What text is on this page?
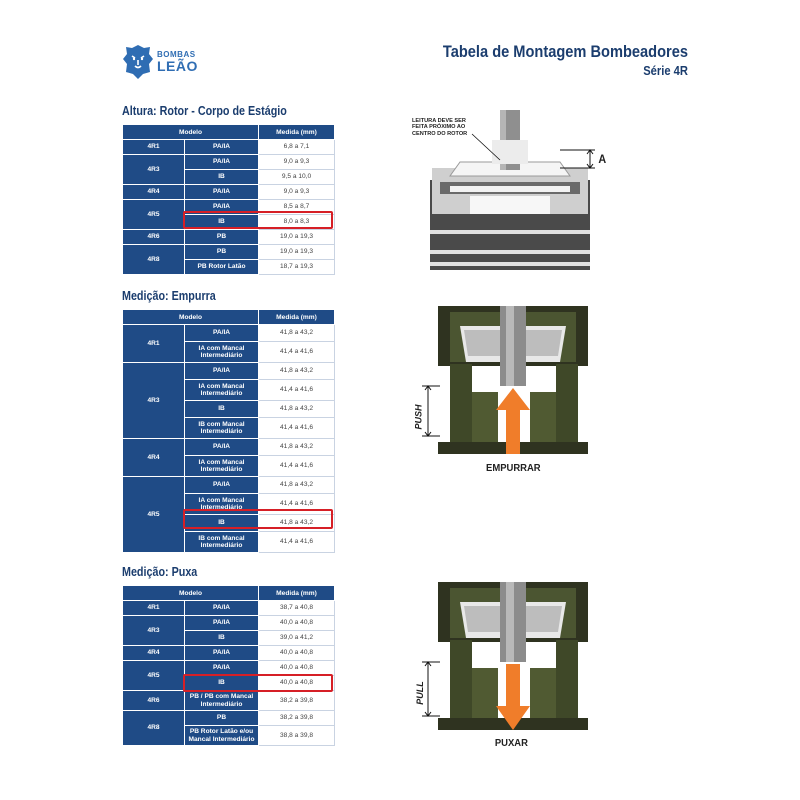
BOMBAS
LEÃO
Tabela de Montagem Bombeadores
Série 4R
Altura: Rotor - Corpo de Estágio
Modelo		Medida (mm)
4R1	PA/IA	6,8 a 7,1
4R3	PA/IA	9,0 a 9,3
	IB	9,5 a 10,0
4R4	PA/IA	9,0 a 9,3
4R5	PA/IA	8,5 a 8,7
	IB	8,0 a 8,3
4R6	PB	19,0 a 19,3
4R8	PB	19,0 a 19,3
	PB Rotor Latão	18,7 a 19,3
Medição: Empurra
Modelo		Medida (mm)
4R1	PA/IA	41,8 a 43,2
	IA com Mancal Intermediário	41,4 a 41,6
4R3	PA/IA	41,8 a 43,2
	IA com Mancal Intermediário	41,4 a 41,6
	IB	41,8 a 43,2
	IB com Mancal Intermediário	41,4 a 41,6
4R4	PA/IA	41,8 a 43,2
	IA com Mancal Intermediário	41,4 a 41,6
4R5	PA/IA	41,8 a 43,2
	IA com Mancal Intermediário	41,4 a 41,6
	IB	41,8 a 43,2
	IB com Mancal Intermediário	41,4 a 41,6
Medição: Puxa
Modelo		Medida (mm)
4R1	PA/IA	38,7 a 40,8
4R3	PA/IA	40,0 a 40,8
	IB	39,0 a 41,2
4R4	PA/IA	40,0 a 40,8
4R5	PA/IA	40,0 a 40,8
	IB	40,0 a 40,8
4R6	PB / PB com Mancal Intermediário	38,2 a 39,8
4R8	PB	38,2 a 39,8
	PB Rotor Latão e/ou Mancal Intermediário	38,8 a 39,8
LEITURA DEVE SER
FEITA PRÓXIMO AO
CENTRO DO ROTOR
A
PUSH
EMPURRAR
PULL
PUXAR
